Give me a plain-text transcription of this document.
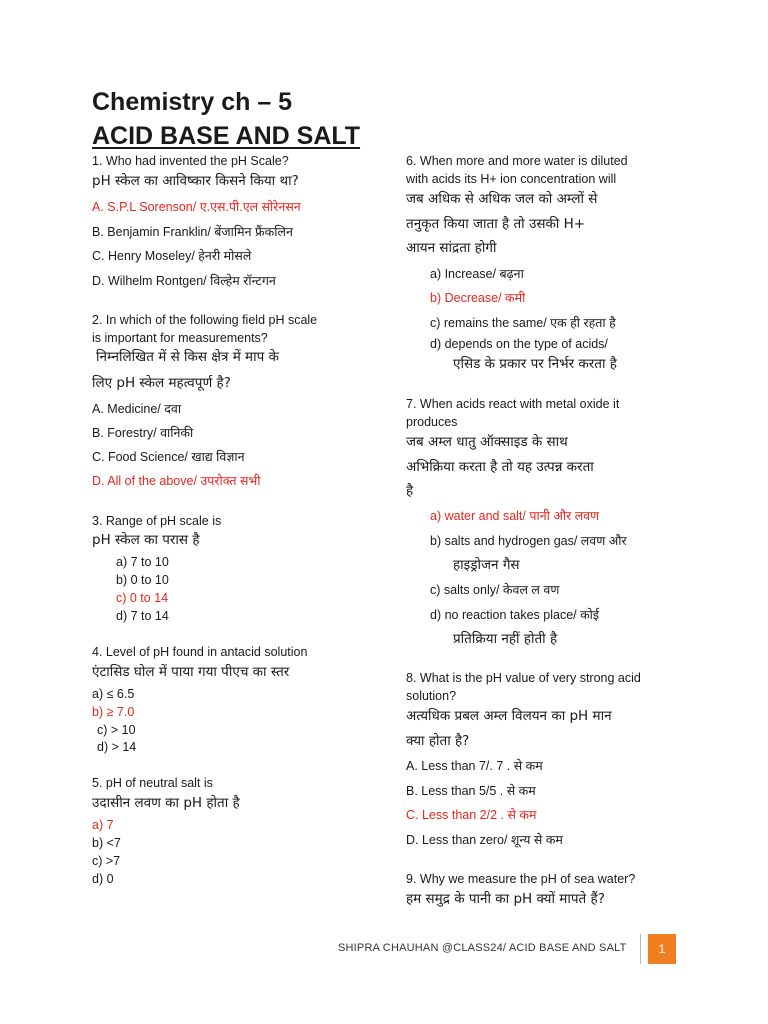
Chemistry ch – 5
ACID BASE AND SALT
1. Who had invented the pH Scale?
pH स्केल का आविष्कार किसने किया था?
A. S.P.L Sorenson/ ए.एस.पी.एल सोरेनसन
B. Benjamin Franklin/ बेंजामिन फ्रैंकलिन
C. Henry Moseley/ हेनरी मोसले
D. Wilhelm Rontgen/ विल्हेम रॉन्टगन
2. In which of the following field pH scale
is important for measurements?
निम्नलिखित में से किस क्षेत्र में माप के
लिए pH स्केल महत्वपूर्ण है?
A. Medicine/ दवा
B. Forestry/ वानिकी
C. Food Science/ खाद्य विज्ञान
D. All of the above/ उपरोक्त सभी
3. Range of pH scale is
pH स्केल का परास है
a) 7 to 10
b) 0 to 10
c) 0 to 14
d) 7 to 14
4. Level of pH found in antacid solution
एंटासिड घोल में पाया गया पीएच का स्तर
a) ≤ 6.5
b) ≥ 7.0
c) > 10
d) > 14
5. pH of neutral salt is
उदासीन लवण का pH होता है
a) 7
b) <7
c) >7
d) 0
6. When more and more water is diluted
with acids its H+ ion concentration will
जब अधिक से अधिक जल को अम्लों से
तनुकृत किया जाता है तो उसकी H+
आयन सांद्रता होगी
a) Increase/ बढ़ना
b) Decrease/ कमी
c) remains the same/ एक ही रहता है
d) depends on the type of acids/
एसिड के प्रकार पर निर्भर करता है
7. When acids react with metal oxide it
produces
जब अम्ल धातु ऑक्साइड के साथ
अभिक्रिया करता है तो यह उत्पन्न करता
है
a) water and salt/ पानी और लवण
b) salts and hydrogen gas/ लवण और
हाइड्रोजन गैस
c) salts only/ केवल ल वण
d) no reaction takes place/ कोई
प्रतिक्रिया नहीं होती है
8. What is the pH value of very strong acid
solution?
अत्यधिक प्रबल अम्ल विलयन का pH मान
क्या होता है?
A. Less than 7/. 7 . से कम
B. Less than 5/5 . से कम
C. Less than 2/2 . से कम
D. Less than zero/ शून्य से कम
9. Why we measure the pH of sea water?
हम समुद्र के पानी का pH क्यों मापते हैं?
SHIPRA CHAUHAN @CLASS24/ ACID BASE AND SALT	1
